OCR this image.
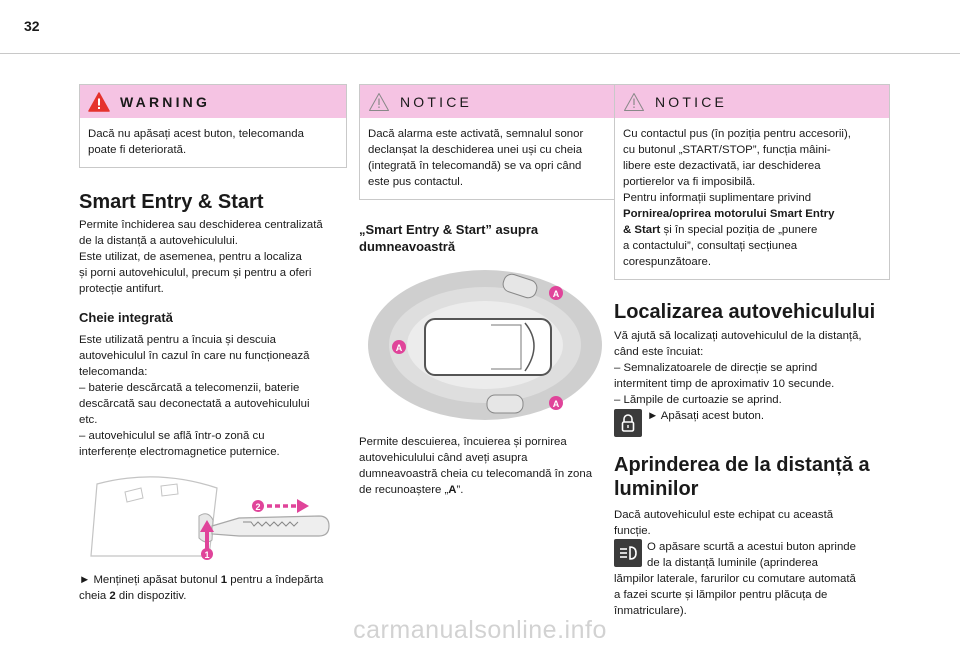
32
WARNING
Dacă nu apăsați acest buton, telecomanda poate fi deteriorată.
Smart Entry & Start

Permite închiderea sau deschiderea centralizată

de la distanță a autovehiculului.

Este utilizat, de asemenea, pentru a localiza

și porni autovehiculul, precum și pentru a oferi

protecție antifurt.

Cheie integrată

Este utilizată pentru a încuia și descuia

autovehiculul în cazul în care nu funcționează

telecomanda:

– baterie descărcată a telecomenzii, baterie

descărcată sau deconectată a autovehiculului

etc.

– autovehiculul se află într-o zonă cu

interferențe electromagnetice puternice.

1
2

► Mențineți apăsat butonul 1 pentru a îndepărta

cheia 2 din dispozitiv.

NOTICE

Dacă alarma este activată, semnalul sonor

declanșat la deschiderea unei uși cu cheia

(integrată în telecomandă) se va opri când

este pus contactul.

„Smart Entry & Start” asupra
dumneavoastră
A
A
A

Permite descuierea, încuierea și pornirea

autovehiculului când aveți asupra

dumneavoastră cheia cu telecomandă în zona

de recunoaștere „A”.

NOTICE

Cu contactul pus (în poziția pentru accesorii),

cu butonul „START/STOP”, funcția mâini-

libere este dezactivată, iar deschiderea

portierelor va fi imposibilă.

Pentru informații suplimentare privind

Pornirea/oprirea motorului Smart Entry

& Start și în special poziția de „punere

a contactului”, consultați secțiunea

corespunzătoare.

Localizarea autovehiculului

Vă ajută să localizați autovehiculul de la distanță,

când este încuiat:

– Semnalizatoarele de direcție se aprind

intermitent timp de aproximativ 10 secunde.

– Lămpile de curtoazie se aprind.

► Apăsați acest buton.

Aprinderea de la distanță a
luminilor

Dacă autovehiculul este echipat cu această

funcție.

O apăsare scurtă a acestui buton aprinde

de la distanță luminile (aprinderea

lămpilor laterale, farurilor cu comutare automată

a fazei scurte și lămpilor pentru plăcuța de

înmatriculare).

carmanualsonline.info
